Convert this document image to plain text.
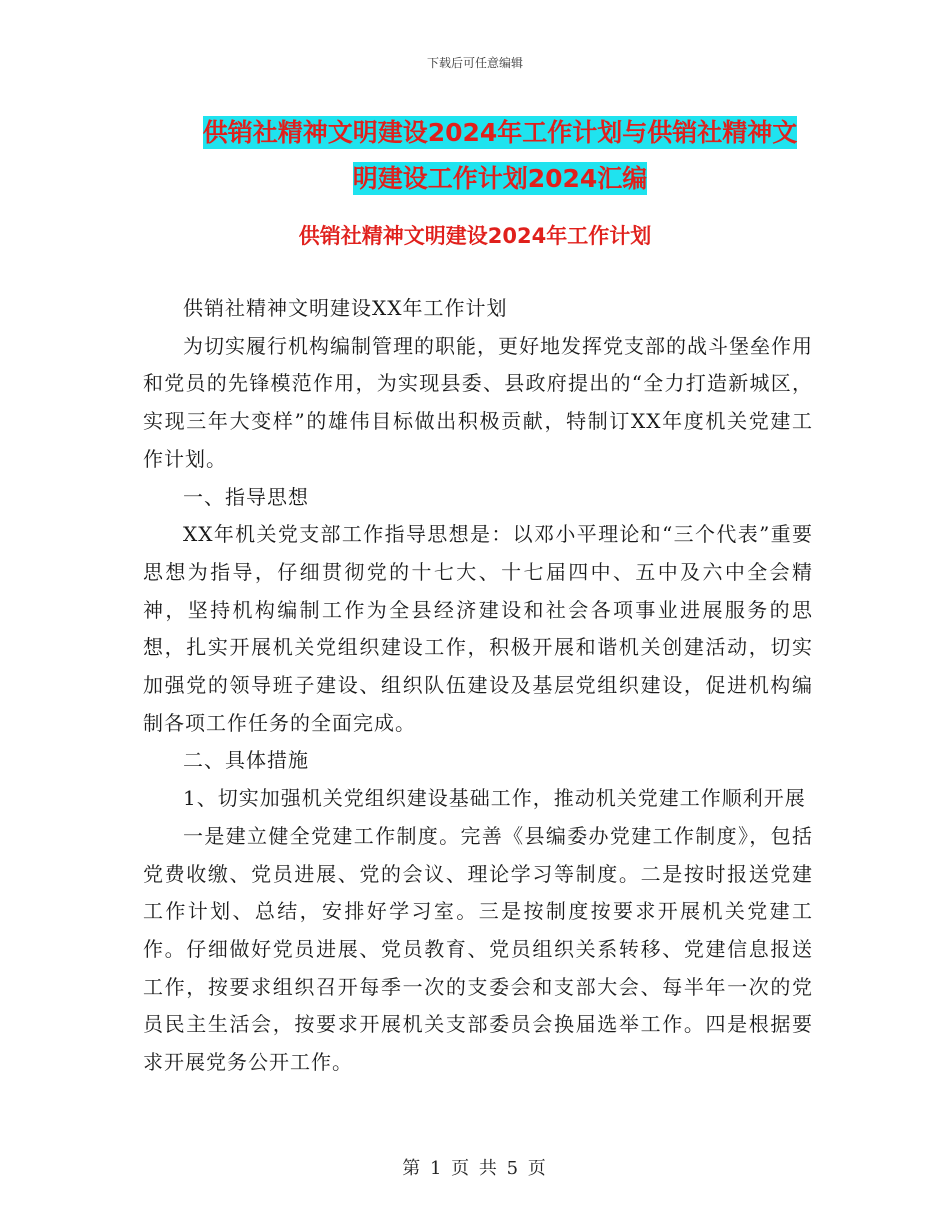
下载后可任意编辑
供销社精神文明建设2024年工作计划与供销社精神文
明建设工作计划2024汇编
供销社精神文明建设2024年工作计划

供销社精神文明建设XX年工作计划

为切实履行机构编制管理的职能，更好地发挥党支部的战斗堡垒作用和党员的先锋模范作用，为实现县委、县政府提出的“全力打造新城区，实现三年大变样”的雄伟目标做出积极贡献，特制订XX年度机关党建工作计划。

一、指导思想

XX年机关党支部工作指导思想是：以邓小平理论和“三个代表”重要思想为指导，仔细贯彻党的十七大、十七届四中、五中及六中全会精神，坚持机构编制工作为全县经济建设和社会各项事业进展服务的思想，扎实开展机关党组织建设工作，积极开展和谐机关创建活动，切实加强党的领导班子建设、组织队伍建设及基层党组织建设，促进机构编制各项工作任务的全面完成。

二、具体措施

1、切实加强机关党组织建设基础工作，推动机关党建工作顺利开展

一是建立健全党建工作制度。完善《县编委办党建工作制度》，包括党费收缴、党员进展、党的会议、理论学习等制度。二是按时报送党建工作计划、总结，安排好学习室。三是按制度按要求开展机关党建工作。仔细做好党员进展、党员教育、党员组织关系转移、党建信息报送工作，按要求组织召开每季一次的支委会和支部大会、每半年一次的党员民主生活会，按要求开展机关支部委员会换届选举工作。四是根据要求开展党务公开工作。

第 1 页 共 5 页
